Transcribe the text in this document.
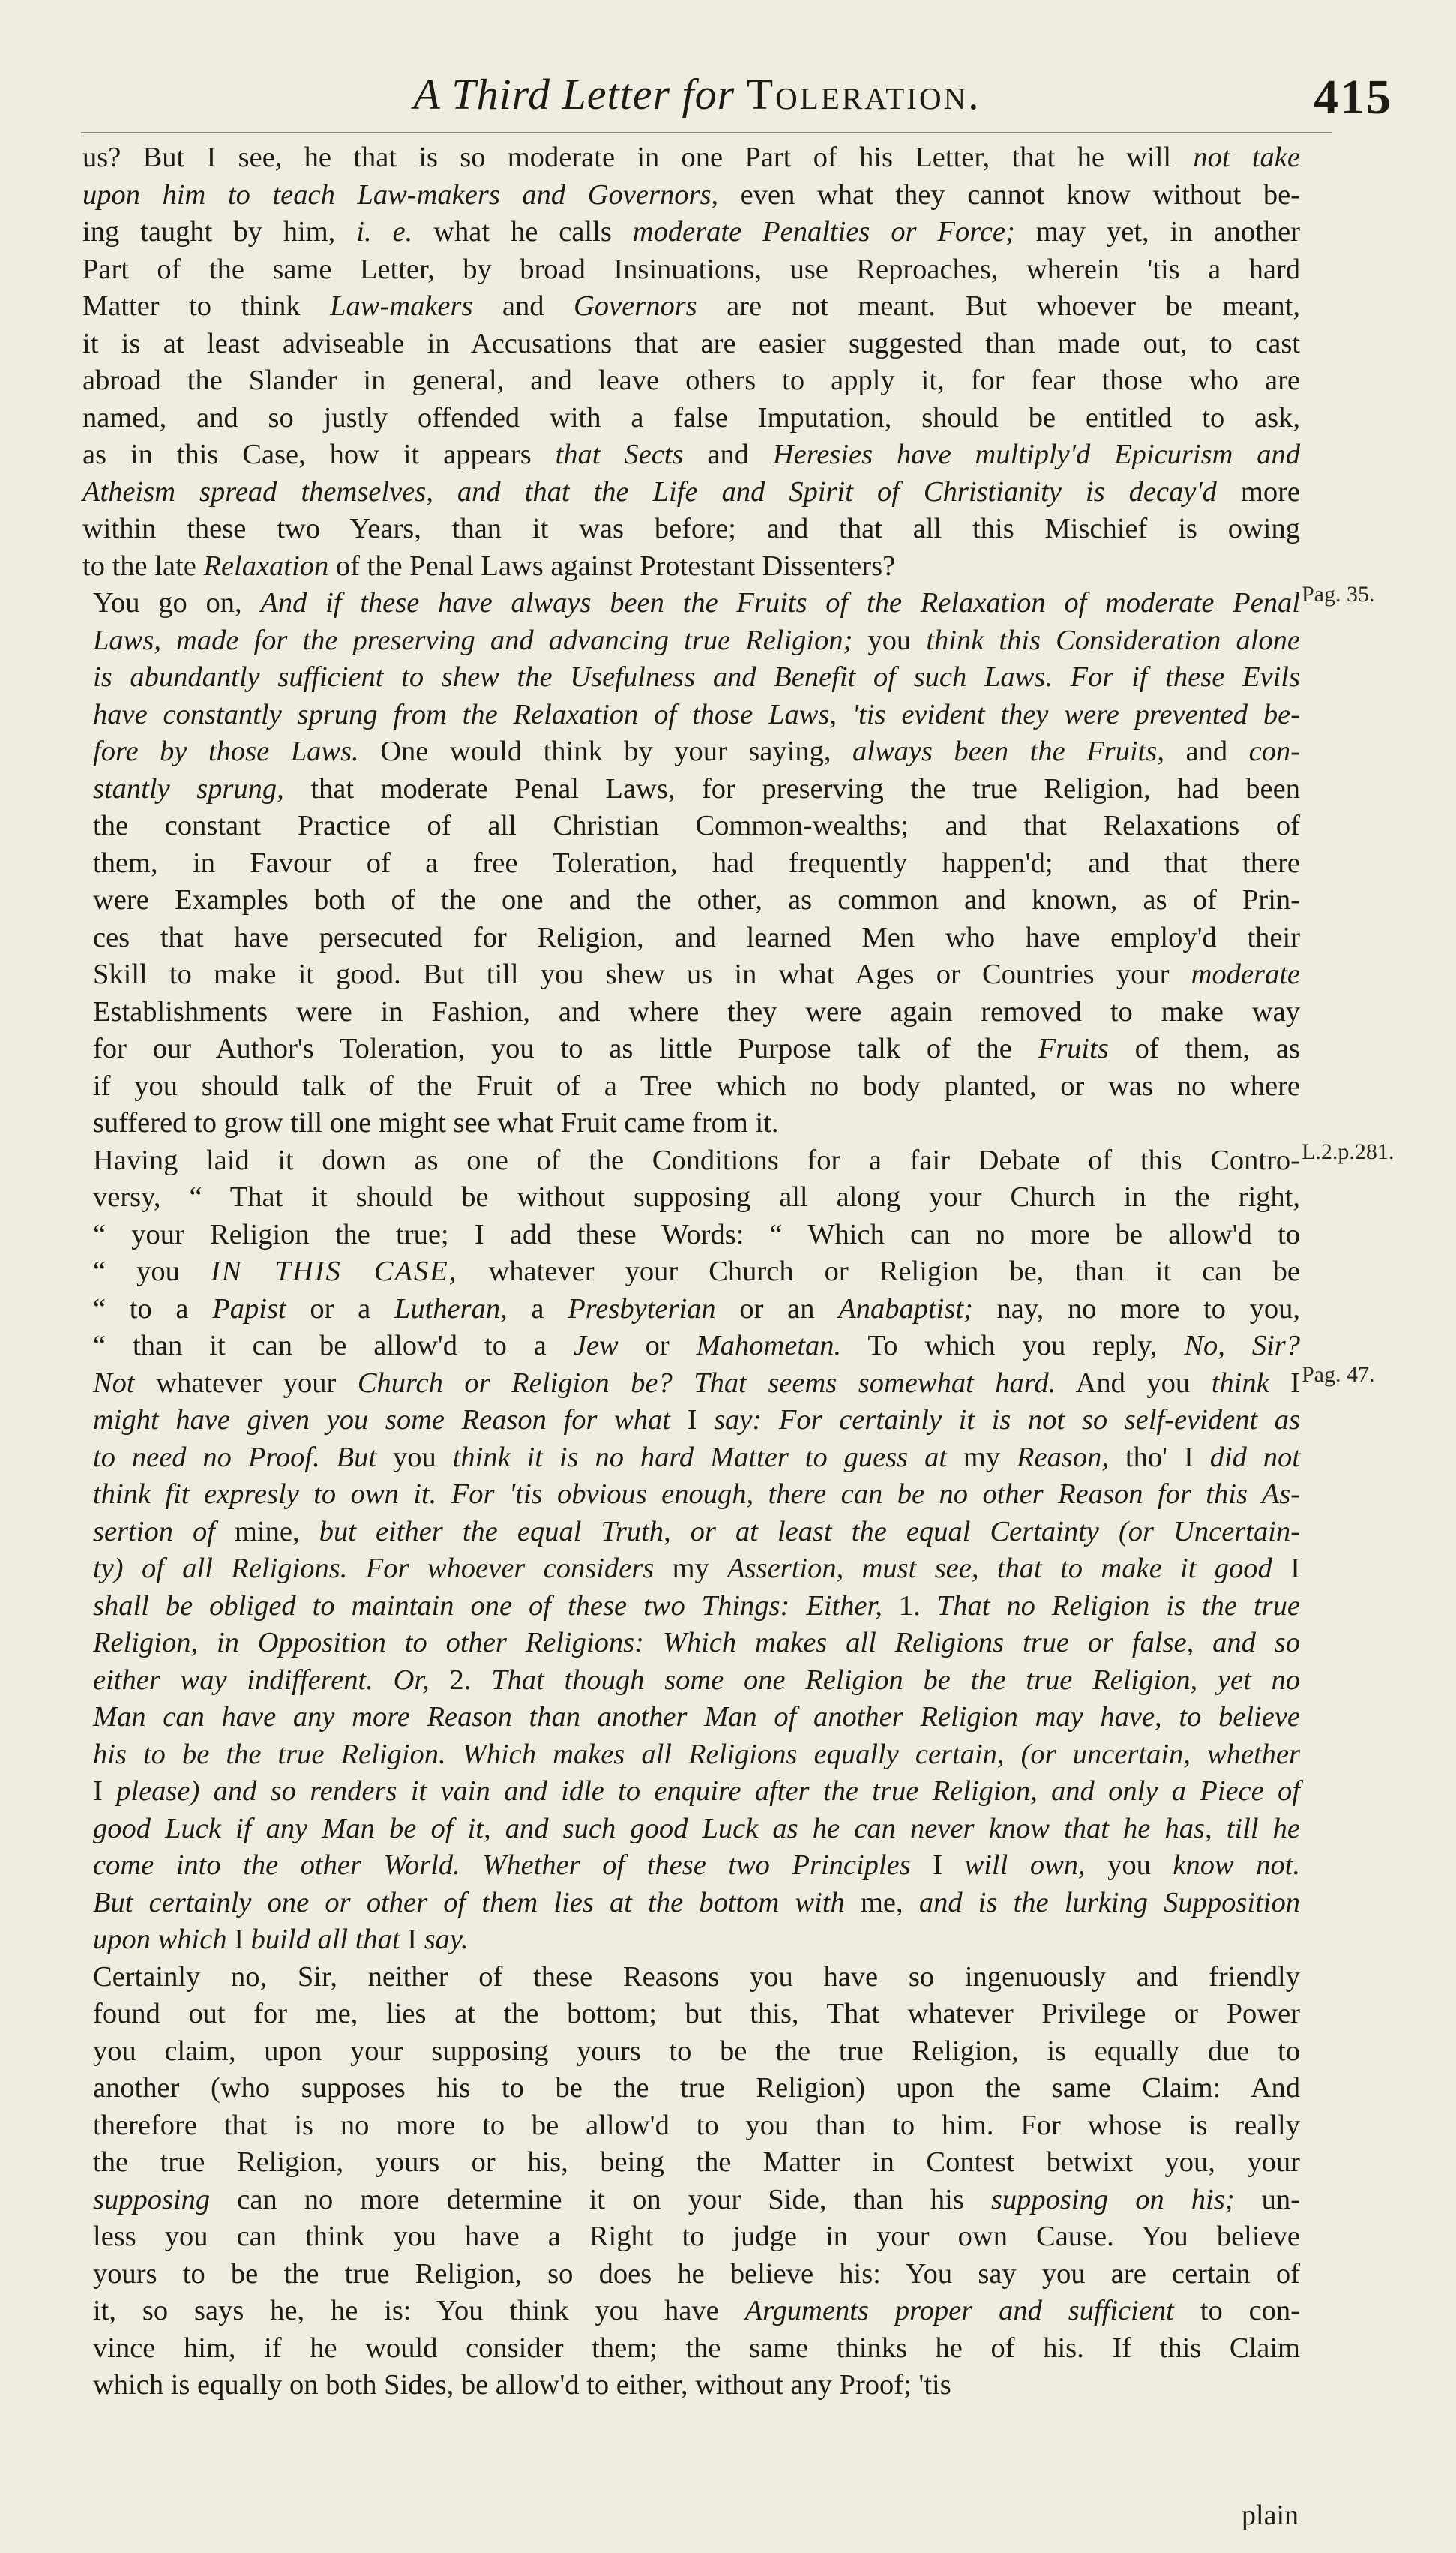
A Third Letter for Toleration.	415

us? But I see, he that is so moderate in one Part of his Letter, that he will not take
upon him to teach Law-makers and Governors, even what they cannot know without be-
ing taught by him, i. e. what he calls moderate Penalties or Force; may yet, in another
Part of the same Letter, by broad Insinuations, use Reproaches, wherein 'tis a hard
Matter to think Law-makers and Governors are not meant. But whoever be meant,
it is at least adviseable in Accusations that are easier suggested than made out, to cast
abroad the Slander in general, and leave others to apply it, for fear those who are
named, and so justly offended with a false Imputation, should be entitled to ask,
as in this Case, how it appears that Sects and Heresies have multiply'd Epicurism and
Atheism spread themselves, and that the Life and Spirit of Christianity is decay'd more
within these two Years, than it was before; and that all this Mischief is owing
to the late Relaxation of the Penal Laws against Protestant Dissenters?

You go on, And if these have always been the Fruits of the Relaxation of moderate Penal
Laws, made for the preserving and advancing true Religion; you think this Consideration alone
is abundantly sufficient to shew the Usefulness and Benefit of such Laws. For if these Evils
have constantly sprung from the Relaxation of those Laws, 'tis evident they were prevented be-
fore by those Laws. One would think by your saying, always been the Fruits, and con-
stantly sprung, that moderate Penal Laws, for preserving the true Religion, had been
the constant Practice of all Christian Common-wealths; and that Relaxations of
them, in Favour of a free Toleration, had frequently happen'd; and that there
were Examples both of the one and the other, as common and known, as of Prin-
ces that have persecuted for Religion, and learned Men who have employ'd their
Skill to make it good. But till you shew us in what Ages or Countries your moderate
Establishments were in Fashion, and where they were again removed to make way
for our Author's Toleration, you to as little Purpose talk of the Fruits of them, as
if you should talk of the Fruit of a Tree which no body planted, or was no where
suffered to grow till one might see what Fruit came from it.

Having laid it down as one of the Conditions for a fair Debate of this Contro-
versy, “ That it should be without supposing all along your Church in the right,
“ your Religion the true; I add these Words: “ Which can no more be allow'd to
“ you IN THIS CASE, whatever your Church or Religion be, than it can be
“ to a Papist or a Lutheran, a Presbyterian or an Anabaptist; nay, no more to you,
“ than it can be allow'd to a Jew or Mahometan. To which you reply, No, Sir?
Not whatever your Church or Religion be? That seems somewhat hard. And you think I
might have given you some Reason for what I say: For certainly it is not so self-evident as
to need no Proof. But you think it is no hard Matter to guess at my Reason, tho' I did not
think fit expresly to own it. For 'tis obvious enough, there can be no other Reason for this As-
sertion of mine, but either the equal Truth, or at least the equal Certainty (or Uncertain-
ty) of all Religions. For whoever considers my Assertion, must see, that to make it good I
shall be obliged to maintain one of these two Things: Either, 1. That no Religion is the true
Religion, in Opposition to other Religions: Which makes all Religions true or false, and so
either way indifferent. Or, 2. That though some one Religion be the true Religion, yet no
Man can have any more Reason than another Man of another Religion may have, to believe
his to be the true Religion. Which makes all Religions equally certain, (or uncertain, whether
I please) and so renders it vain and idle to enquire after the true Religion, and only a Piece of
good Luck if any Man be of it, and such good Luck as he can never know that he has, till he
come into the other World. Whether of these two Principles I will own, you know not.
But certainly one or other of them lies at the bottom with me, and is the lurking Supposition
upon which I build all that I say.

Certainly no, Sir, neither of these Reasons you have so ingenuously and friendly
found out for me, lies at the bottom; but this, That whatever Privilege or Power
you claim, upon your supposing yours to be the true Religion, is equally due to
another (who supposes his to be the true Religion) upon the same Claim: And
therefore that is no more to be allow'd to you than to him. For whose is really
the true Religion, yours or his, being the Matter in Contest betwixt you, your
supposing can no more determine it on your Side, than his supposing on his; un-
less you can think you have a Right to judge in your own Cause. You believe
yours to be the true Religion, so does he believe his: You say you are certain of
it, so says he, he is: You think you have Arguments proper and sufficient to con-
vince him, if he would consider them; the same thinks he of his. If this Claim
which is equally on both Sides, be allow'd to either, without any Proof; 'tis

Pag. 35.
L.2.p.281.
Pag. 47.
plain
